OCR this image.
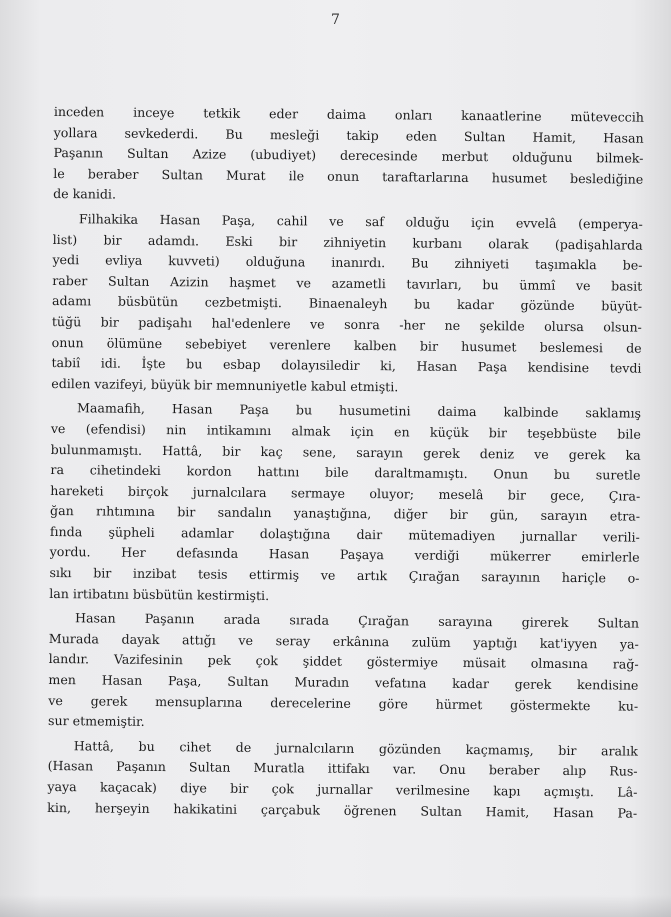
7
inceden inceye tetkik eder daima onları kanaatlerine müteveccih
yollara sevkederdi. Bu mesleği takip eden Sultan Hamit, Hasan
Paşanın Sultan Azize (ubudiyet) derecesinde merbut olduğunu bilmek-
le beraber Sultan Murat ile onun taraftarlarına husumet beslediğine
de kanidi.
Filhakika Hasan Paşa, cahil ve saf olduğu için evvelâ (emperya-
list) bir adamdı. Eski bir zihniyetin kurbanı olarak (padişahlarda
yedi evliya kuvveti) olduğuna inanırdı. Bu zihniyeti taşımakla be-
raber Sultan Azizin haşmet ve azametli tavırları, bu ümmî ve basit
adamı büsbütün cezbetmişti. Binaenaleyh bu kadar gözünde büyüt-
tüğü bir padişahı hal'edenlere ve sonra -her ne şekilde olursa olsun-
onun ölümüne sebebiyet verenlere kalben bir husumet beslemesi de
tabiî idi. İşte bu esbap dolayısiledir ki, Hasan Paşa kendisine tevdi
edilen vazifeyi, büyük bir memnuniyetle kabul etmişti.
Maamafih, Hasan Paşa bu husumetini daima kalbinde saklamış
ve (efendisi) nin intikamını almak için en küçük bir teşebbüste bile
bulunmamıştı. Hattâ, bir kaç sene, sarayın gerek deniz ve gerek ka
ra cihetindeki kordon hattını bile daraltmamıştı. Onun bu suretle
hareketi birçok jurnalcılara sermaye oluyor; meselâ bir gece, Çıra-
ğan rıhtımına bir sandalın yanaştığına, diğer bir gün, sarayın etra-
fında şüpheli adamlar dolaştığına dair mütemadiyen jurnallar verili-
yordu. Her defasında Hasan Paşaya verdiği mükerrer emirlerle
sıkı bir inzibat tesis ettirmiş ve artık Çırağan sarayının hariçle o-
lan irtibatını büsbütün kestirmişti.
Hasan Paşanın arada sırada Çırağan sarayına girerek Sultan
Murada dayak attığı ve seray erkânına zulüm yaptığı kat'iyyen ya-
landır. Vazifesinin pek çok şiddet göstermiye müsait olmasına rağ-
men Hasan Paşa, Sultan Muradın vefatına kadar gerek kendisine
ve gerek mensuplarına derecelerine göre hürmet göstermekte ku-
sur etmemiştir.
Hattâ, bu cihet de jurnalcıların gözünden kaçmamış, bir aralık
(Hasan Paşanın Sultan Muratla ittifakı var. Onu beraber alıp Rus-
yaya kaçacak) diye bir çok jurnallar verilmesine kapı açmıştı. Lâ-
kin, herşeyin hakikatini çarçabuk öğrenen Sultan Hamit, Hasan Pa-
